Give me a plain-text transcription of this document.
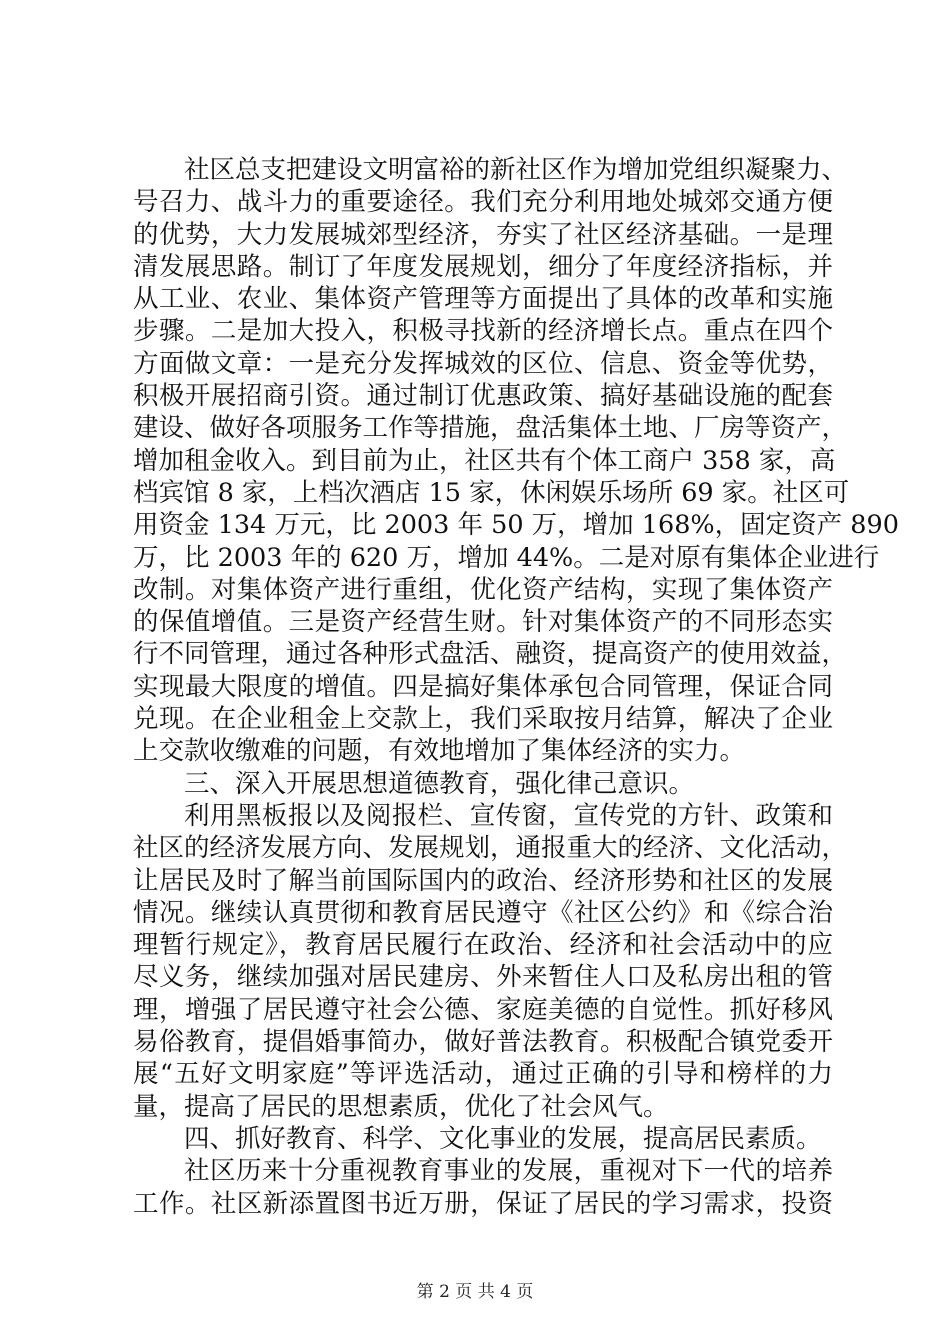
社区总支把建设文明富裕的新社区作为增加党组织凝聚力、
号召力、战斗力的重要途径。我们充分利用地处城郊交通方便
的优势，大力发展城郊型经济，夯实了社区经济基础。一是理
清发展思路。制订了年度发展规划，细分了年度经济指标，并
从工业、农业、集体资产管理等方面提出了具体的改革和实施
步骤。二是加大投入，积极寻找新的经济增长点。重点在四个
方面做文章：一是充分发挥城效的区位、信息、资金等优势，
积极开展招商引资。通过制订优惠政策、搞好基础设施的配套
建设、做好各项服务工作等措施，盘活集体土地、厂房等资产，
增加租金收入。到目前为止，社区共有个体工商户 358 家，高
档宾馆 8 家，上档次酒店 15 家，休闲娱乐场所 69 家。社区可
用资金 134 万元，比 2003 年 50 万，增加 168%，固定资产 890
万，比 2003 年的 620 万，增加 44%。二是对原有集体企业进行
改制。对集体资产进行重组，优化资产结构，实现了集体资产
的保值增值。三是资产经营生财。针对集体资产的不同形态实
行不同管理，通过各种形式盘活、融资，提高资产的使用效益，
实现最大限度的增值。四是搞好集体承包合同管理，保证合同
兑现。在企业租金上交款上，我们采取按月结算，解决了企业
上交款收缴难的问题，有效地增加了集体经济的实力。
三、深入开展思想道德教育，强化律己意识。
利用黑板报以及阅报栏、宣传窗，宣传党的方针、政策和
社区的经济发展方向、发展规划，通报重大的经济、文化活动，
让居民及时了解当前国际国内的政治、经济形势和社区的发展
情况。继续认真贯彻和教育居民遵守《社区公约》和《综合治
理暂行规定》，教育居民履行在政治、经济和社会活动中的应
尽义务，继续加强对居民建房、外来暂住人口及私房出租的管
理，增强了居民遵守社会公德、家庭美德的自觉性。抓好移风
易俗教育，提倡婚事简办，做好普法教育。积极配合镇党委开
展“五好文明家庭”等评选活动，通过正确的引导和榜样的力
量，提高了居民的思想素质，优化了社会风气。
四、抓好教育、科学、文化事业的发展，提高居民素质。
社区历来十分重视教育事业的发展，重视对下一代的培养
工作。社区新添置图书近万册，保证了居民的学习需求，投资
第 2 页 共 4 页
